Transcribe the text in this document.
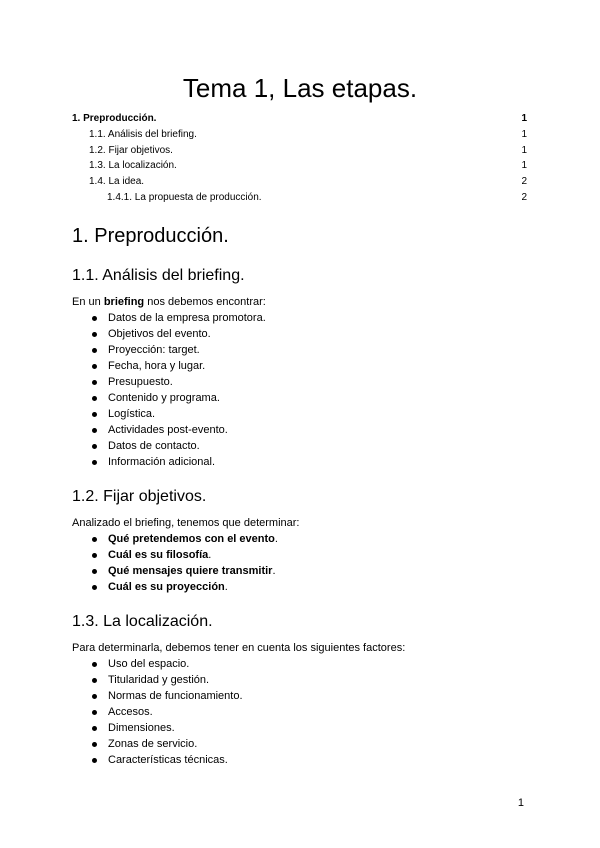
Tema 1, Las etapas.
1. Preproducción.	1
1.1. Análisis del briefing.	1
1.2. Fijar objetivos.	1
1.3. La localización.	1
1.4. La idea.	2
1.4.1. La propuesta de producción.	2
1. Preproducción.
1.1. Análisis del briefing.

En un briefing nos debemos encontrar:

Datos de la empresa promotora.
Objetivos del evento.
Proyección: target.
Fecha, hora y lugar.
Presupuesto.
Contenido y programa.
Logística.
Actividades post-evento.
Datos de contacto.
Información adicional.
1.2. Fijar objetivos.

Analizado el briefing, tenemos que determinar:

Qué pretendemos con el evento.
Cuál es su filosofía.
Qué mensajes quiere transmitir.
Cuál es su proyección.
1.3. La localización.

Para determinarla, debemos tener en cuenta los siguientes factores:

Uso del espacio.
Titularidad y gestión.
Normas de funcionamiento.
Accesos.
Dimensiones.
Zonas de servicio.
Características técnicas.
1
